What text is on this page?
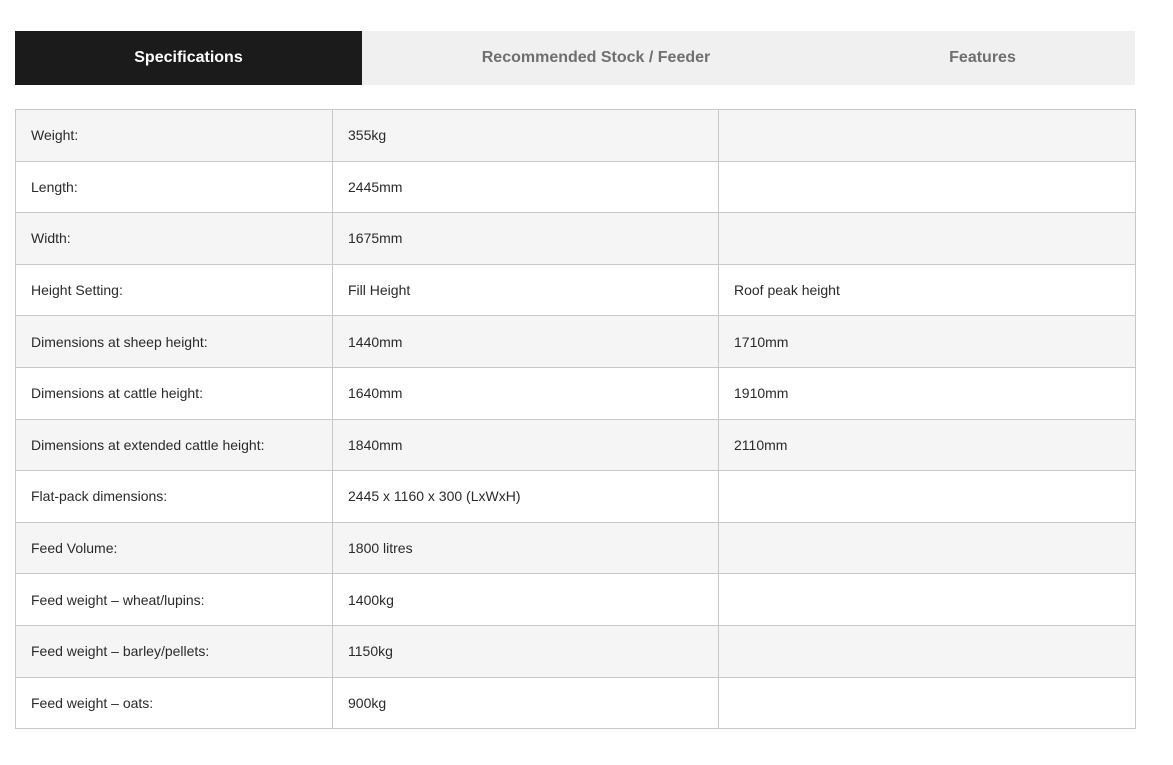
Specifications	Recommended Stock / Feeder	Features
Weight:	355kg	
Length:	2445mm	
Width:	1675mm	
Height Setting:	Fill Height	Roof peak height
Dimensions at sheep height:	1440mm	1710mm
Dimensions at cattle height:	1640mm	1910mm
Dimensions at extended cattle height:	1840mm	2110mm
Flat-pack dimensions:	2445 x 1160 x 300 (LxWxH)	
Feed Volume:	1800 litres	
Feed weight – wheat/lupins:	1400kg	
Feed weight – barley/pellets:	1150kg	
Feed weight – oats:	900kg	
